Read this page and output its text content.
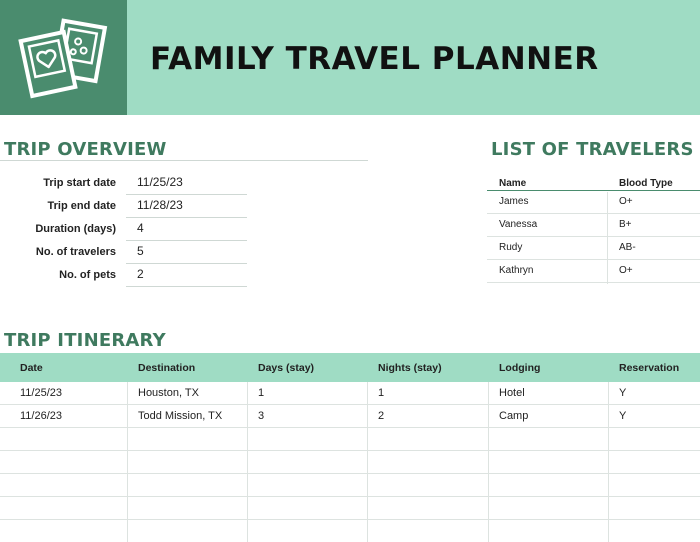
FAMILY TRAVEL PLANNER
TRIP OVERVIEW
Trip start date	11/25/23
Trip end date	11/28/23
Duration (days)	4
No. of travelers	5
No. of pets	2
LIST OF TRAVELERS
Name	Blood Type
James	O+
Vanessa	B+
Rudy	AB-
Kathryn	O+
TRIP ITINERARY
Date	Destination	Days (stay)	Nights (stay)	Lodging	Reservation
11/25/23	Houston, TX	1	1	Hotel	Y
11/26/23	Todd Mission, TX	3	2	Camp	Y
